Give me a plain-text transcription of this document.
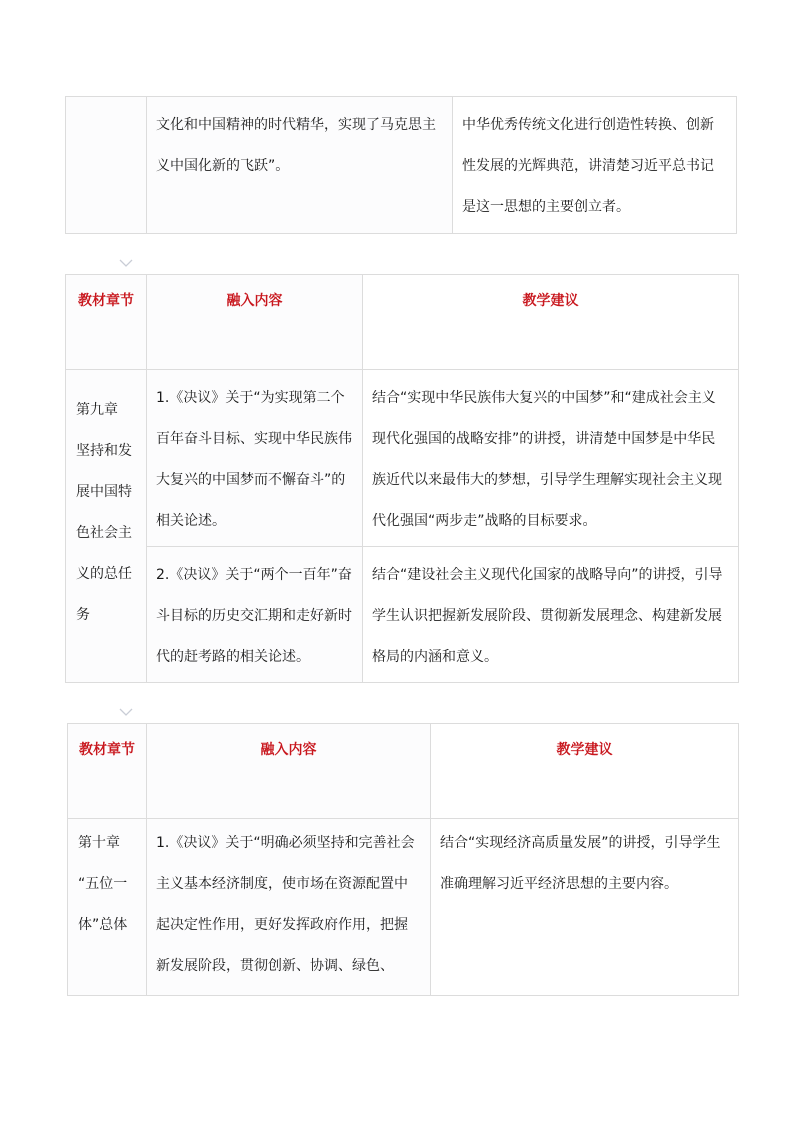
	文化和中国精神的时代精华，实现了马克思主义中国化新的飞跃”。	中华优秀传统文化进行创造性转换、创新性发展的光辉典范，讲清楚习近平总书记是这一思想的主要创立者。
教材章节	融入内容	教学建议

第九章
坚持和发展中国特色社会主义的总任务	1.《决议》关于“为实现第二个百年奋斗目标、实现中华民族伟大复兴的中国梦而不懈奋斗”的相关论述。	结合“实现中华民族伟大复兴的中国梦”和“建成社会主义现代化强国的战略安排”的讲授，讲清楚中国梦是中华民族近代以来最伟大的梦想，引导学生理解实现社会主义现代化强国“两步走”战略的目标要求。
	2.《决议》关于“两个一百年”奋斗目标的历史交汇期和走好新时代的赶考路的相关论述。	结合“建设社会主义现代化国家的战略导向”的讲授，引导学生认识把握新发展阶段、贯彻新发展理念、构建新发展格局的内涵和意义。
教材章节	融入内容	教学建议

第十章
“五位一体”总体	1.《决议》关于“明确必须坚持和完善社会主义基本经济制度，使市场在资源配置中起决定性作用，更好发挥政府作用，把握新发展阶段，贯彻创新、协调、绿色、	结合“实现经济高质量发展”的讲授，引导学生准确理解习近平经济思想的主要内容。
